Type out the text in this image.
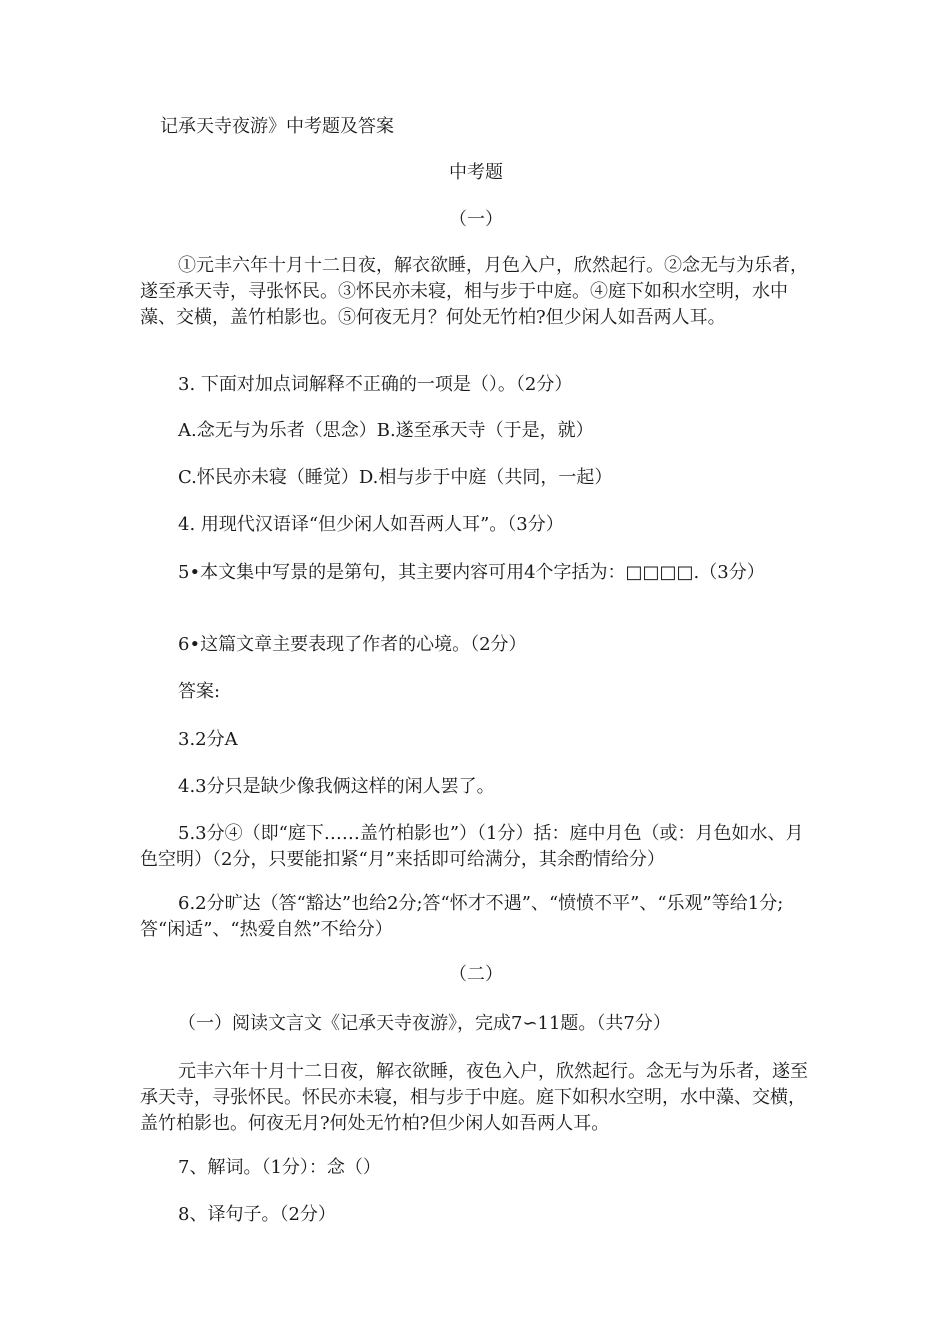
记承天寺夜游》中考题及答案
中考题
（一）
①元丰六年十月十二日夜，解衣欲睡，月色入户，欣然起行。②念无与为乐者，遂至承天寺，寻张怀民。③怀民亦未寝，相与步于中庭。④庭下如积水空明，水中藻、交横，盖竹柏影也。⑤何夜无月？何处无竹柏?但少闲人如吾两人耳。
3. 下面对加点词解释不正确的一项是（）。（2分）
A.念无与为乐者（思念）B.遂至承天寺（于是，就）
C.怀民亦未寝（睡觉）D.相与步于中庭（共同，一起）
4. 用现代汉语译“但少闲人如吾两人耳”。（3分）
5•本文集中写景的是第句，其主要内容可用4个字括为：□□□□.（3分）
6•这篇文章主要表现了作者的心境。（2分）
答案:
3.2分A
4.3分只是缺少像我俩这样的闲人罢了。
5.3分④（即“庭下……盖竹柏影也”）（1分）括：庭中月色（或：月色如水、月色空明）（2分，只要能扣紧“月”来括即可给满分，其余酌情给分）
6.2分旷达（答“豁达”也给2分;答“怀才不遇”、“愤愤不平”、“乐观”等给1分;答“闲适”、“热爱自然”不给分）
（二）
（一）阅读文言文《记承天寺夜游》，完成7∽11题。（共7分）
元丰六年十月十二日夜，解衣欲睡，夜色入户，欣然起行。念无与为乐者，遂至承天寺，寻张怀民。怀民亦未寝，相与步于中庭。庭下如积水空明，水中藻、交横，盖竹柏影也。何夜无月?何处无竹柏?但少闲人如吾两人耳。
7、解词。（1分）：念（）
8、译句子。（2分）
